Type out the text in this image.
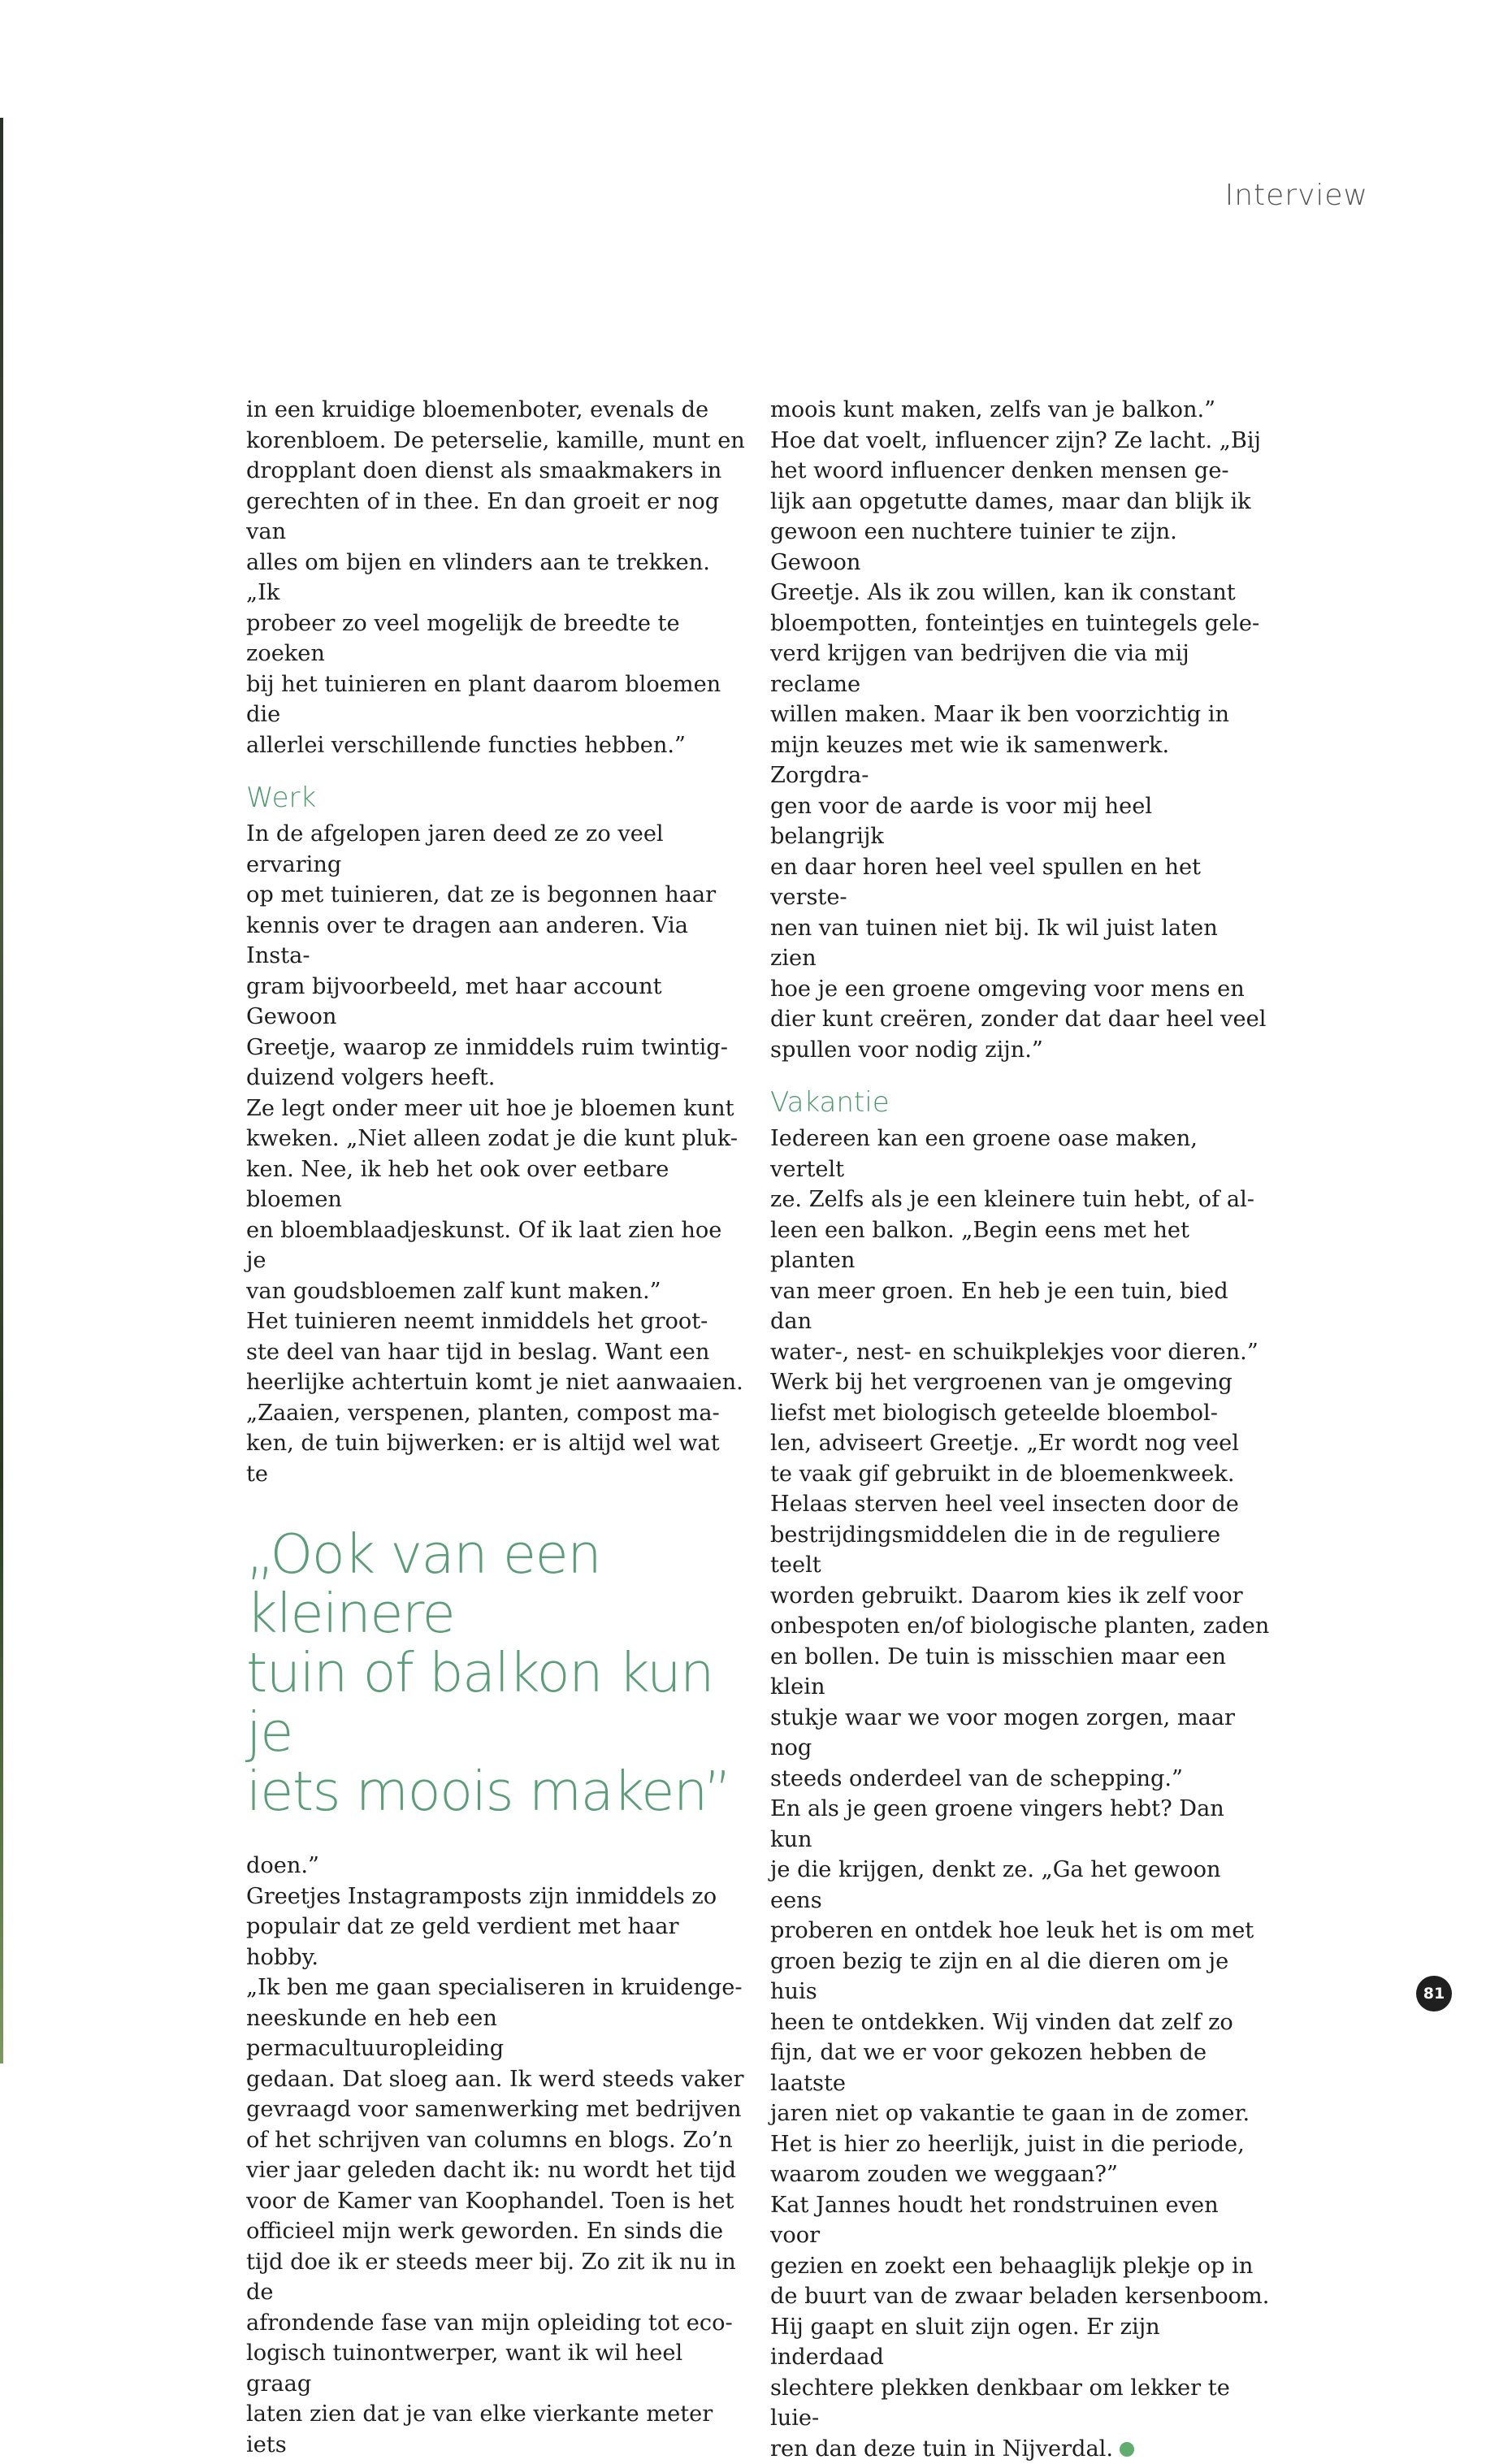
Interview

in een kruidige bloemenboter, evenals de
korenbloem. De peterselie, kamille, munt en
dropplant doen dienst als smaakmakers in
gerechten of in thee. En dan groeit er nog van
alles om bijen en vlinders aan te trekken. „Ik
probeer zo veel mogelijk de breedte te zoeken
bij het tuinieren en plant daarom bloemen die
allerlei verschillende functies hebben.”

Werk

In de afgelopen jaren deed ze zo veel ervaring
op met tuinieren, dat ze is begonnen haar
kennis over te dragen aan anderen. Via Insta-
gram bijvoorbeeld, met haar account Gewoon
Greetje, waarop ze inmiddels ruim twintig-
duizend volgers heeft.
Ze legt onder meer uit hoe je bloemen kunt
kweken. „Niet alleen zodat je die kunt pluk-
ken. Nee, ik heb het ook over eetbare bloemen
en bloemblaadjeskunst. Of ik laat zien hoe je
van goudsbloemen zalf kunt maken.”
Het tuinieren neemt inmiddels het groot-
ste deel van haar tijd in beslag. Want een
heerlijke achtertuin komt je niet aanwaaien.
„Zaaien, verspenen, planten, compost ma-
ken, de tuin bijwerken: er is altijd wel wat te

„Ook van een kleinere
tuin of balkon kun je
iets moois maken”

doen.”
Greetjes Instagramposts zijn inmiddels zo
populair dat ze geld verdient met haar hobby.
„Ik ben me gaan specialiseren in kruidenge-
neeskunde en heb een permacultuuropleiding
gedaan. Dat sloeg aan. Ik werd steeds vaker
gevraagd voor samenwerking met bedrijven
of het schrijven van columns en blogs. Zo’n
vier jaar geleden dacht ik: nu wordt het tijd
voor de Kamer van Koophandel. Toen is het
officieel mijn werk geworden. En sinds die
tijd doe ik er steeds meer bij. Zo zit ik nu in de
afrondende fase van mijn opleiding tot eco-
logisch tuinontwerper, want ik wil heel graag
laten zien dat je van elke vierkante meter iets

moois kunt maken, zelfs van je balkon.”
Hoe dat voelt, influencer zijn? Ze lacht. „Bij
het woord influencer denken mensen ge-
lijk aan opgetutte dames, maar dan blijk ik
gewoon een nuchtere tuinier te zijn. Gewoon
Greetje. Als ik zou willen, kan ik constant
bloempotten, fonteintjes en tuintegels gele-
verd krijgen van bedrijven die via mij reclame
willen maken. Maar ik ben voorzichtig in
mijn keuzes met wie ik samenwerk. Zorgdra-
gen voor de aarde is voor mij heel belangrijk
en daar horen heel veel spullen en het verste-
nen van tuinen niet bij. Ik wil juist laten zien
hoe je een groene omgeving voor mens en
dier kunt creëren, zonder dat daar heel veel
spullen voor nodig zijn.”

Vakantie

Iedereen kan een groene oase maken, vertelt
ze. Zelfs als je een kleinere tuin hebt, of al-
leen een balkon. „Begin eens met het planten
van meer groen. En heb je een tuin, bied dan
water-, nest- en schuikplekjes voor dieren.”
Werk bij het vergroenen van je omgeving
liefst met biologisch geteelde bloembol-
len, adviseert Greetje. „Er wordt nog veel
te vaak gif gebruikt in de bloemenkweek.
Helaas sterven heel veel insecten door de
bestrijdingsmiddelen die in de reguliere teelt
worden gebruikt. Daarom kies ik zelf voor
onbespoten en/of biologische planten, zaden
en bollen. De tuin is misschien maar een klein
stukje waar we voor mogen zorgen, maar nog
steeds onderdeel van de schepping.”
En als je geen groene vingers hebt? Dan kun
je die krijgen, denkt ze. „Ga het gewoon eens
proberen en ontdek hoe leuk het is om met
groen bezig te zijn en al die dieren om je huis
heen te ontdekken. Wij vinden dat zelf zo
fijn, dat we er voor gekozen hebben de laatste
jaren niet op vakantie te gaan in de zomer.
Het is hier zo heerlijk, juist in die periode,
waarom zouden we weggaan?”
Kat Jannes houdt het rondstruinen even voor
gezien en zoekt een behaaglijk plekje op in
de buurt van de zwaar beladen kersenboom.
Hij gaapt en sluit zijn ogen. Er zijn inderdaad
slechtere plekken denkbaar om lekker te luie-
ren dan deze tuin in Nijverdal.

81
